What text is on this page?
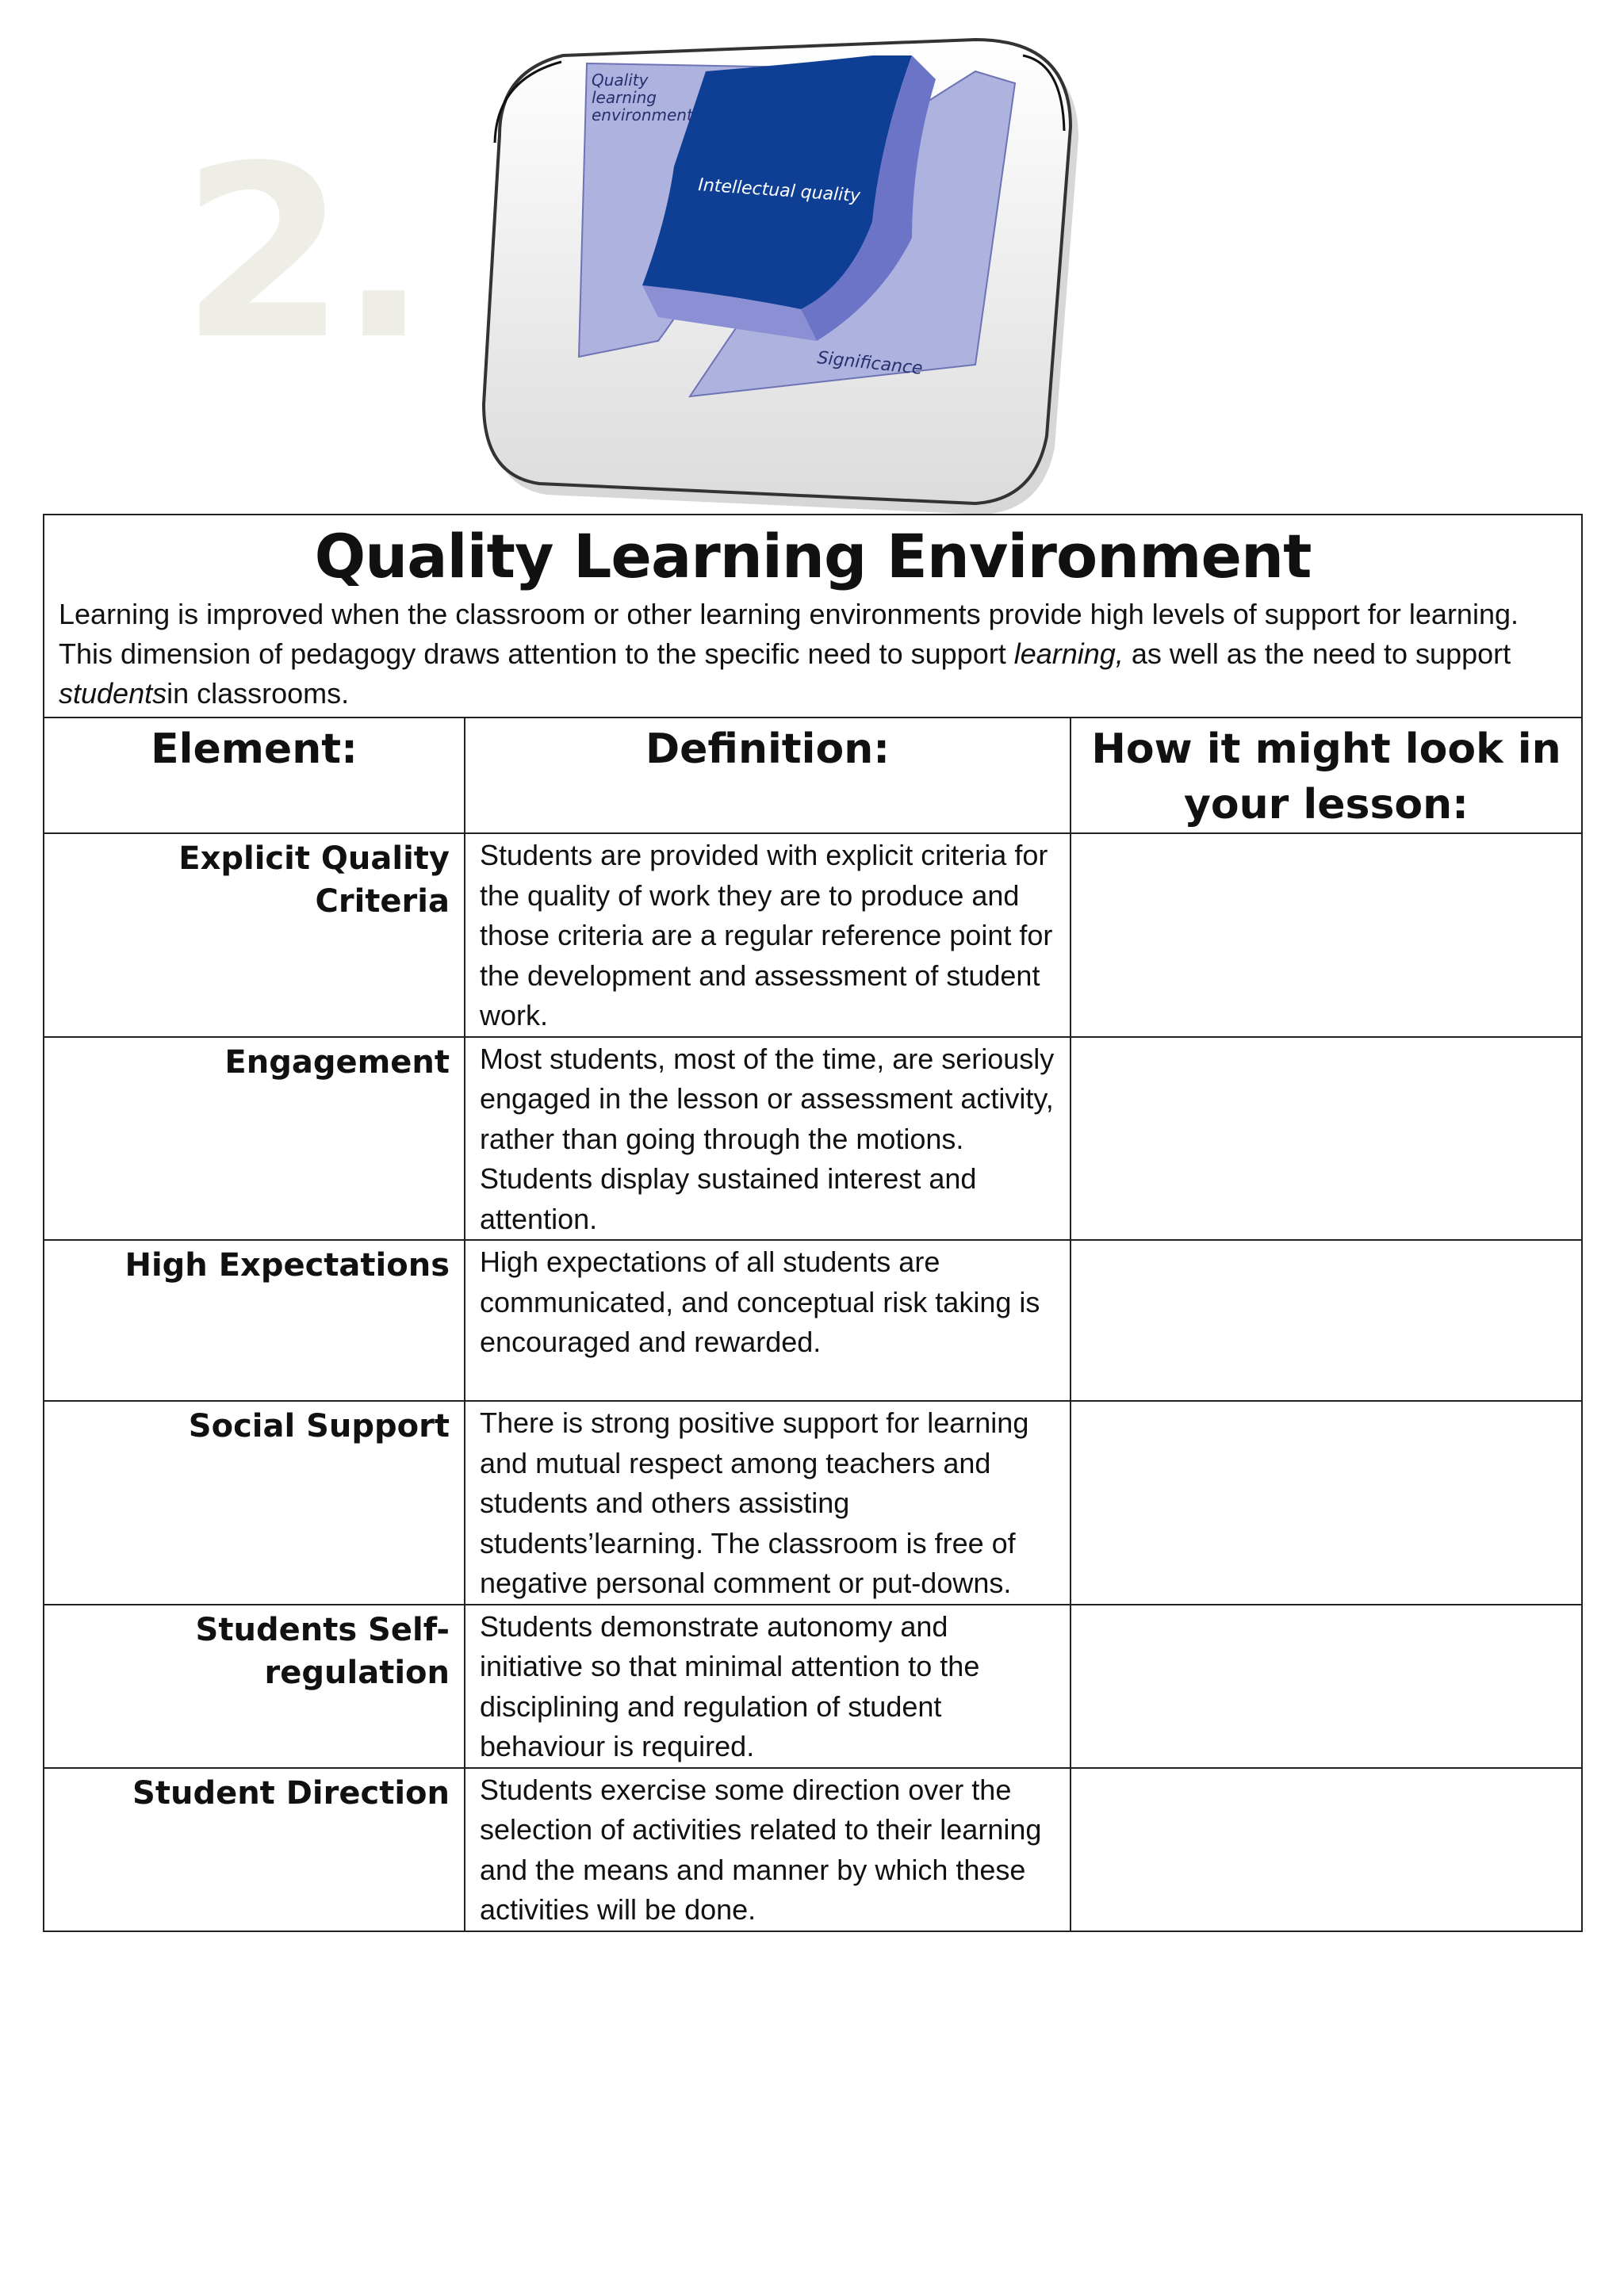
2.
Quality
learning
environment
Intellectual quality
Significance
Quality Learning Environment

Learning is improved when the classroom or other learning environments provide high levels of support for learning. This dimension of pedagogy draws attention to the specific need to support learning, as well as the need to support studentsin classrooms.

Element:	Definition:	How it might look in your lesson:
Explicit Quality Criteria	Students are provided with explicit criteria for the quality of work they are to produce and those criteria are a regular reference point for the development and assessment of student work.	
Engagement	Most students, most of the time, are seriously engaged in the lesson or assessment activity, rather than going through the motions. Students display sustained interest and attention.	
High Expectations	High expectations of all students are communicated, and conceptual risk taking is encouraged and rewarded.	
Social Support	There is strong positive support for learning and mutual respect among teachers and students and others assisting students’learning. The classroom is free of negative personal comment or put-downs.	
Students Self-regulation	Students demonstrate autonomy and initiative so that minimal attention to the disciplining and regulation of student behaviour is required.	
Student Direction	Students exercise some direction over the selection of activities related to their learning and the means and manner by which these activities will be done.	
